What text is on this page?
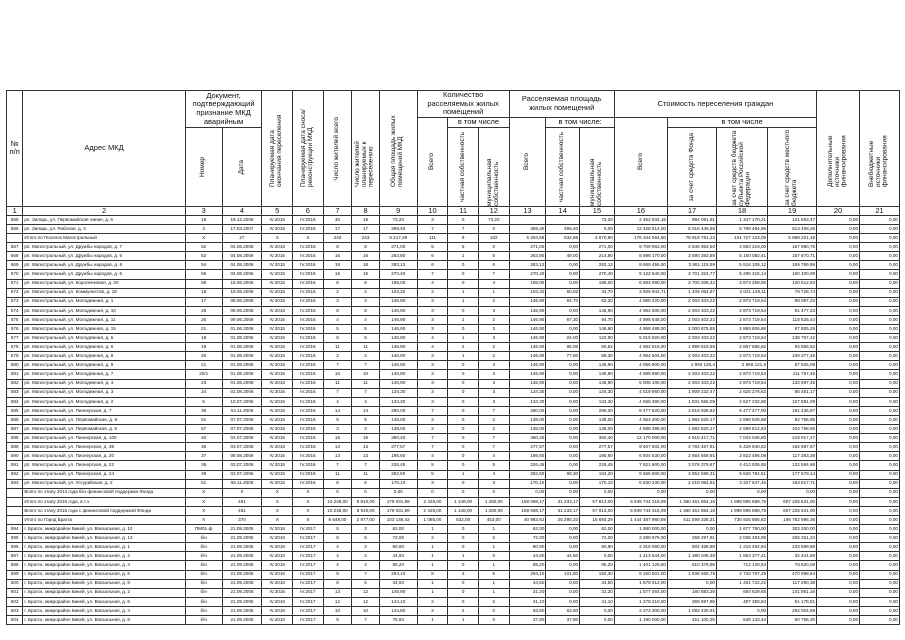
№
п/п	Адрес МКД	Документ, подтверждающий признание МКД аварийным		Планируемая дата окончания переселения	Планируемая дата сноса/реконструкции МКД	Число жителей всего	Число жителей планируемых к переселению	Общая площадь жилых помещений МКД	Количество расселяемых жилых помещений			Расселяемая площадь жилых помещений			Стоимость переселения граждан				Дополнительные источники финансирования	Внебюджетные источники финансирования

									Всего	в том числе		Всего	в том числе:		Всего	в том числе				

		Номер	Дата							частная собственность	муниципальная собственность		частная собственность	муниципальная собственность		за счет средств Фонда	за счет средств бюджета субъекта Российской Федерации	за счет средств местного бюджета		

1	2	3	4	5	6	7	8	9	10	11	12	13	14	15	16	17	18	19	20	21
565	рп. Зиларь, ул. Первомайская линия, д. 6	19	19.12.2006	IV.2015	IV.2016	30	19	73,20	3	0	73,20			73,20	2 462 934,15	994 091,81	1 347 170,21	121 553,47	0,00	0,00
566	рп. Зиларь, ул. Рабочая, д. 3	3	17.03.2007	IV.2015	IV.2016	17	17	369,40	7	7	0	369,40	369,40	0,00	12 428 514,00	5 016 446,56	6 798 484,96	613 408,26	0,00	0,00
	Итого по Поселок Магистральный	X	27	X	X	243	243	5 217,28	111	9	102	5 204,58	532,68	4 670,90	176 344 064,90	78 918 781,23	101 727 123,06	5 698 201,18	0,00	0,00
567	рп. Магистральный, ул. Дружбы народов, д. 7	52	04.08.2006	IV.2015	IV.2016	8	8	271,00	5	5	0	271,00	0,00	271,00	9 709 963,00	3 546 963,50	4 863 319,00	167 980,75	0,00	0,00
568	рп. Магистральный, ул. Дружбы народов, д. 5	53	04.08.2006	IV.2015	IV.2016	16	16	263,80	6	1	5	263,80	49,00	214,80	8 898 170,00	3 590 383,88	5 150 082,41	157 870,71	0,00	0,00
569	рп. Магистральный, ул. Дружбы народов, д. 8	54	04.08.2006	IV.2015	IV.2016	19	18	283,12	6	0	6	283,12	0,00	283,12	9 569 456,00	3 861 115,99	5 516 108,12	169 789,96	0,00	0,00
570	рп. Магистральный, ул. Дружбы народов, д. 6	55	04.08.2006	IV.2015	IV.2016	16	16	270,40	7	0	7	270,40	0,00	270,40	9 122 540,00	3 701 324,77	5 295 315,14	160 400,09	0,00	0,00
571	рп. Магистральный, ул. Короленковая, д. 20	59	15.08.2006	IV.2015	IV.2016	8	8	198,00	4	0	4	198,00	0,00	198,00	6 694 080,00	2 700 208,42	3 873 258,95	120 612,63	0,00	0,00
572	рп. Магистральный, ул. Коммунистов, д. 18	18	19.08.2006	IV.2015	IV.2016	2	2	103,32	2	1	1	103,32	60,02	34,70	3 509 942,71	1 409 064,87	2 021 149,11	79 728,74	0,00	0,00
573	рп. Магистральный, ул. Молодежная, д. 1	17	09.06.2006	IV.2015	IV.2016	3	3	146,90	3	1	2	146,90	84,70	62,20	4 965 220,00	2 003 403,22	2 873 719,54	88 097,23	0,00	0,00
574	рп. Магистральный, ул. Молодежная, д. 10	25	09.06.2006	IV.2015	IV.2016	8	8	146,90	3	0	3	146,90	0,00	146,90	4 964 600,00	2 003 403,22	2 873 719,54	91 477,23	0,00	0,00
575	рп. Магистральный, ул. Молодежная, д. 11	26	09.06.2006	IV.2015	IV.2016	4	4	146,90	3	1	2	146,90	67,30	84,70	4 995 648,00	2 003 403,22	2 873 719,54	118 525,44	0,00	0,00
576	рп. Магистральный, ул. Молодежная, д. 15	21	01.06.2006	IV.2015	IV.2016	5	5	146,90	3	0	3	146,90	0,00	146,90	4 958 488,00	2 000 875,85	2 869 806,86	87 805,29	0,00	0,00
577	рп. Магистральный, ул. Молодежная, д. 5	18	01.08.2006	IV.2015	IV.2016	6	6	146,90	4	1	3	146,90	24,00	122,90	5 015 920,00	2 003 403,22	2 873 719,54	138 797,42	0,00	0,00
578	рп. Магистральный, ул. Молодежная, д. 6	19	01.08.2006	IV.2015	IV.2016	11	11	146,90	4	2	2	146,90	86,08	60,82	4 962 516,00	1 999 819,86	2 867 856,62	94 855,62	0,00	0,00
579	рп. Магистральный, ул. Молодежная, д. 8	20	01.08.2006	IV.2015	IV.2016	2	2	146,90	3	1	2	146,90	77,60	69,30	4 984 504,00	2 003 403,22	2 873 719,54	108 377,45	0,00	0,00
580	рп. Магистральный, ул. Молодежная, д. 9	21	01.08.2006	IV.2015	IV.2016	7	7	146,90	3	0	3	146,90	0,00	146,90	4 956 900,00	1 993 129,4	2 856 121,8	87 525,09	0,00	0,00
581	рп. Магистральный, ул. Молодежная, д. 7	20/1	01.08.2006	IV.2015	IV.2016	10	10	146,90	3	0	3	146,90	0,00	146,90	4 988 880,00	2 003 403,22	2 873 719,54	111 757,45	0,00	0,00
582	рп. Магистральный, ул. Молодежная, д. 4	23	01.08.2006	IV.2015	IV.2016	11	11	146,90	3	0	3	146,90	0,00	146,90	5 005 100,00	2 003 403,22	2 873 719,54	132 697,45	0,00	0,00
583	рп. Магистральный, ул. Молодежная, д. 3	24	01.08.2006	IV.2015	IV.2016	7	7	134,30	3	0	3	134,30	0,00	134,30	4 519 960,00	1 809 222,47	2 625 276,62	85 461,17	0,00	0,00
584	рп. Магистральный, ул. Молодежная, д. 2	5	10.07.2006	IV.2015	IV.2016	4	4	134,30	3	0	3	134,30	0,00	134,30	4 566 380,00	1 831 566,05	2 627 232,86	107 581,09	0,00	0,00
585	рп. Магистральный, ул. Пионерская, д. 7	39	04.11.2006	IV.2015	IV.2016	14	14	280,00	7	0	7	280,00	0,00	280,00	9 477 820,00	3 818 935,82	5 477 477,00	181 436,87	0,00	0,00
586	рп. Магистральный, ул. Первомайская, д. 8	51	07.07.2006	IV.2015	IV.2016	8	8	138,00	2	0	2	138,00	0,00	138,00	4 664 400,00	1 882 820,17	2 696 828,88	82 766,95	0,00	0,00
587	рп. Магистральный, ул. Первомайская, д. 5	57	07.07.2006	IV.2015	IV.2016	3	3	138,00	2	0	2	138,00	0,00	138,00	4 688 398,00	1 882 820,17	2 699 812,83	104 768,55	0,00	0,00
588	рп. Магистральный, ул. Пионерская, д. 100	40	03.07.2006	IV.2015	IV.2016	16	16	360,40	7	0	7	360,40	0,00	360,40	12 170 000,00	4 910 417,71	7 043 046,80	219 917,47	0,00	0,00
589	рп. Магистральный, ул. Пионерская, д. 38	36	03.07.2006	IV.2015	IV.2016	13	13	277,57	7	0	7	277,57	0,00	277,57	9 407 902,00	3 784 467,81	5 429 940,62	192 987,57	0,00	0,00
590	рп. Магистральный, ул. Пионерская, д. 20	37	08.08.2006	IV.2015	IV.2016	13	13	195,60	4	0	4	195,60	0,00	195,60	6 604 530,00	2 664 659,91	3 822 496,08	117 383,38	0,00	0,00
591	рп. Магистральный, ул. Пионерская, д. 22	38	03.07.2006	IV.2015	IV.2016	7	7	226,45	5	0	5	226,45	0,00	226,45	7 621 900,00	3 076 379,87	4 412 935,65	132 584,66	0,00	0,00
592	рп. Магистральный, ул. Пионерская, д. 24	39	03.07.2006	IV.2015	IV.2016	11	11	282,50	5	1	4	282,50	98,30	184,20	9 556 600,00	3 852 698,31	5 526 784,51	177 578,14	0,00	0,00
593	рп. Магистральный, ул. Уссурийская, д. 2	61	06.11.2006	IV.2015	IV.2016	6	6	170,10	3	0	3	170,10	0,00	170,10	5 830 230,00	2 219 064,81	3 327 547,46	183 617,71	0,00	0,00
	Всего по этапу 2014 года без финансовой поддержки Фонда	X	0	X	X	0	0	0,00	0	0	0	0,00	0,00	0,00	0,00	0,00	0,00	0,00	0,00	0,00
	Итого по этапу 2015 года, в т.ч.	X	461	X	X	10 248,00	8 910,00	179 031,99	2 428,00	1 148,00	1 280,00	169 068,17	31 233,17	57 813,00	5 949 744 315,09	1 380 461 854,16	1 998 895 889,78	607 225 631,00	0,00	0,00
	Всего по этапу 2015 года с финансовой поддержкой Фонда	X	461	X	X	10 248,00	8 910,00	179 031,99	2 428,00	1 148,00	1 280,00	169 068,17	31 233,17	57 813,00	5 949 744 315,09	1 380 461 854,16	1 998 895 888,78	607 225 631,00	0,00	0,00
	Итого по Город Братск	X	370	X	X	6 649,00	2 977,00	103 146,42	1 085,00	632,00	453,00	40 983,62	25 290,33	15 693,29	1 444 487 980,69	511 599 338,31	736 925 865,82	196 782 996,36	0,00	0,00
594	г. Братск, микрорайон Бикей, ул. Вокзальная, д. 10	ПМ01-ф	21.09.2005	IV.2016	IV.2017	5	3	62,00	1	0	1	62,00	0,00	62,00	1 980 000,00	0,00	1 677 750,00	302 250,00	0,00	0,00
595	г. Братск, микрорайон Бикей, ул. Вокзальная, д. 13	б/н	21.09.2005	IV.2016	IV.2017	6	6	72,00	2	0	2	72,00	0,00	72,00	2 298 978,00	258 297,91	2 036 493,95	266 251,34	0,00	0,00
596	г. Братск, микрорайон Бикей, ул. Вокзальная, д. 1	б/н	21.09.2005	IV.2016	IV.2017	4	3	80,90	1	0	1	80,90	0,00	80,90	2 316 060,00	904 468,88	1 216 492,84	233 599,88	0,00	0,00
597	г. Братск, микрорайон Бикей, ул. Вокзальная, д. 2	б/н	21.09.2005	IV.2016	IV.2017	4	2	44,60	1	1	0	44,60	44,60	0,00	1 413 644,00	1 380 049,38	1 864 377,41	32 441,69	0,00	0,00
598	г. Братск, микрорайон Бикей, ул. Вокзальная, д. 4	б/н	21.09.2005	IV.2016	IV.2017	4	4	85,20	1	0	1	85,20	0,00	85,20	1 401 129,60	610 379,99	712 129,53	78 620,08	0,00	0,00
599	г. Братск, микрорайон Бикей, ул. Вокзальная, д. 6	б/н	21.09.2005	IV.2016	IV.2017	9	7	294,10	8	3	5	294,10	101,80	192,30	9 160 501,00	1 938 665,75	2 732 767,25	470 998,54	0,00	0,00
600	г. Братск, микрорайон Бикей, ул. Вокзальная, д. 8	б/н	21.09.2005	IV.2016	IV.2017	6	5	44,50	1	0	1	44,50	0,00	44,50	1 579 012,00	0,00	1 461 722,22	117 290,38	0,00	0,00
601	г. Братск, микрорайон Бикей, ул. Вокзальная, д. 2	б/н	21.09.2005	IV.2016	IV.2017	13	12	145,90	1	0	1	31,20	0,00	31,20	1 577 464,00	180 883,29	654 629,65	141 951,16	0,00	0,00
602	г. Братск, микрорайон Бикей, ул. Вокзальная, д. 6	б/н	21.09.2005	IV.2016	IV.2017	12	12	144,10	2	0	2	41,10	0,00	41,10	1 278 210,00	368 697,95	487 350,84	51 178,81	0,00	0,00
603	г. Братск, микрорайон Бикей, ул. Вокзальная, д. 4	б/н	21.09.2005	IV.2016	IV.2017	10	10	144,80	2	2	0	63,60	63,60	0,00	2 273 300,00	1 092 430,91	0,00	292 004,59	0,00	0,00
604	г. Братск, микрорайон Бикей, ул. Вокзальная, д. 8	б/н	21.09.2005	IV.2016	IV.2017	9	7	75,60	1	1	0	37,80	37,80	0,00	1 190 000,00	451 100,26	648 133,44	90 766,30	0,00	0,00
